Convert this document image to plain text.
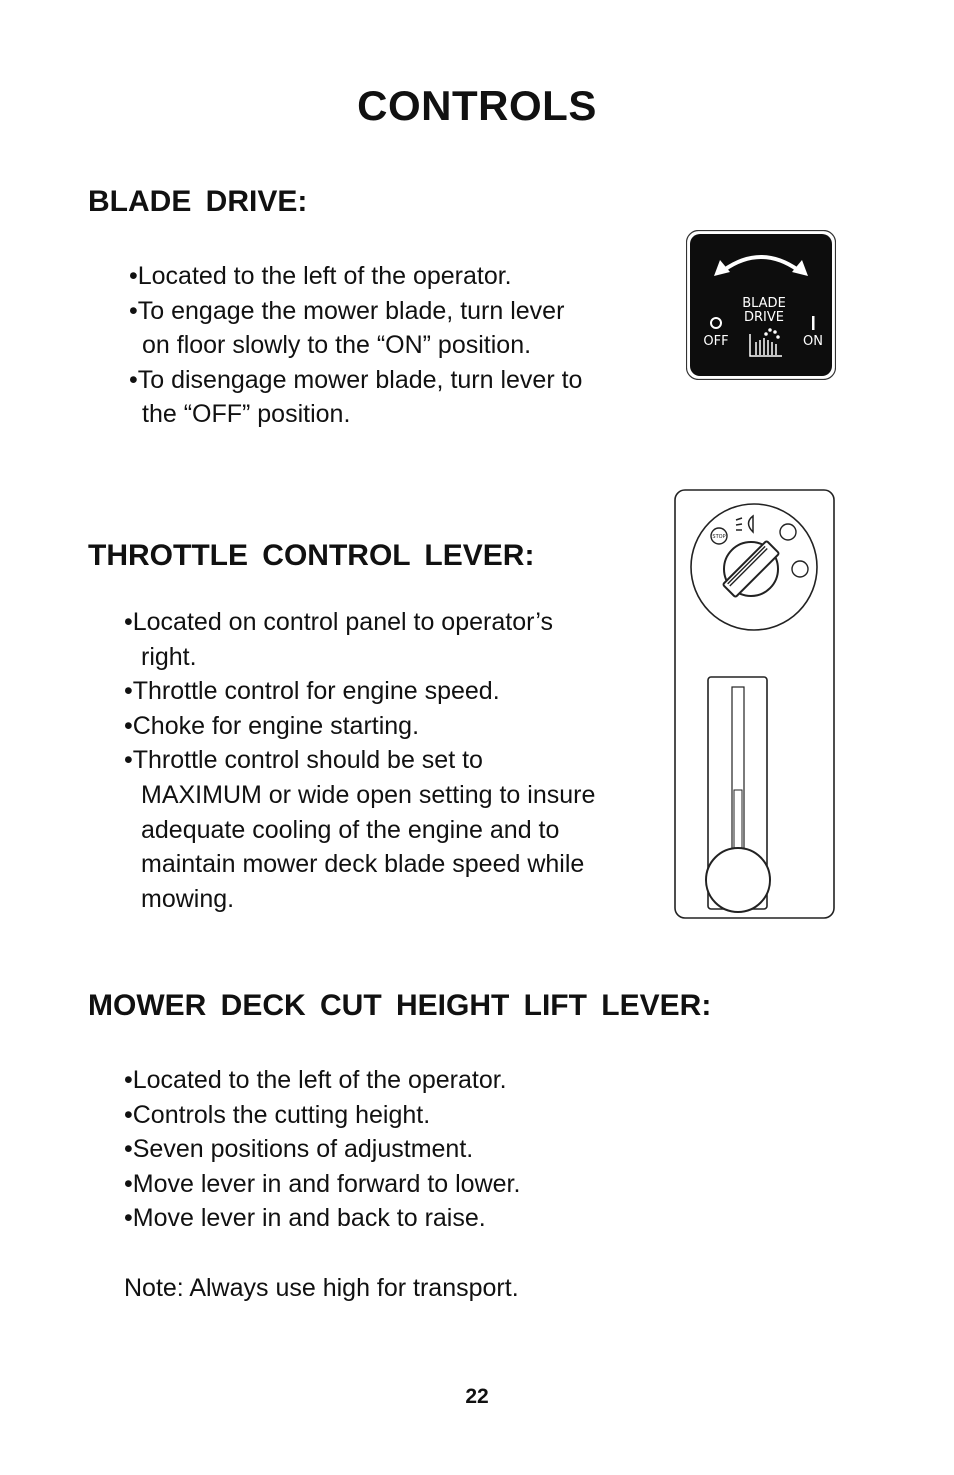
CONTROLS
BLADE DRIVE:
•Located to the left of the operator.
•To engage the mower blade, turn lever
on floor slowly to the “ON” position.
•To disengage mower blade, turn lever to
the “OFF” position.
BLADE
DRIVE
OFF	ON
THROTTLE CONTROL LEVER:
•Located on control panel to operator’s
right.
•Throttle control for engine speed.
•Choke for engine starting.
•Throttle control should be set to
MAXIMUM or wide open setting to insure
adequate cooling of the engine and to
maintain mower deck blade speed while
mowing.
STOP
MOWER DECK CUT HEIGHT LIFT LEVER:
•Located to the left of the operator.
•Controls the cutting height.
•Seven positions of adjustment.
•Move lever in and forward to lower.
•Move lever in and back to raise.
Note: Always use high for transport.
22
